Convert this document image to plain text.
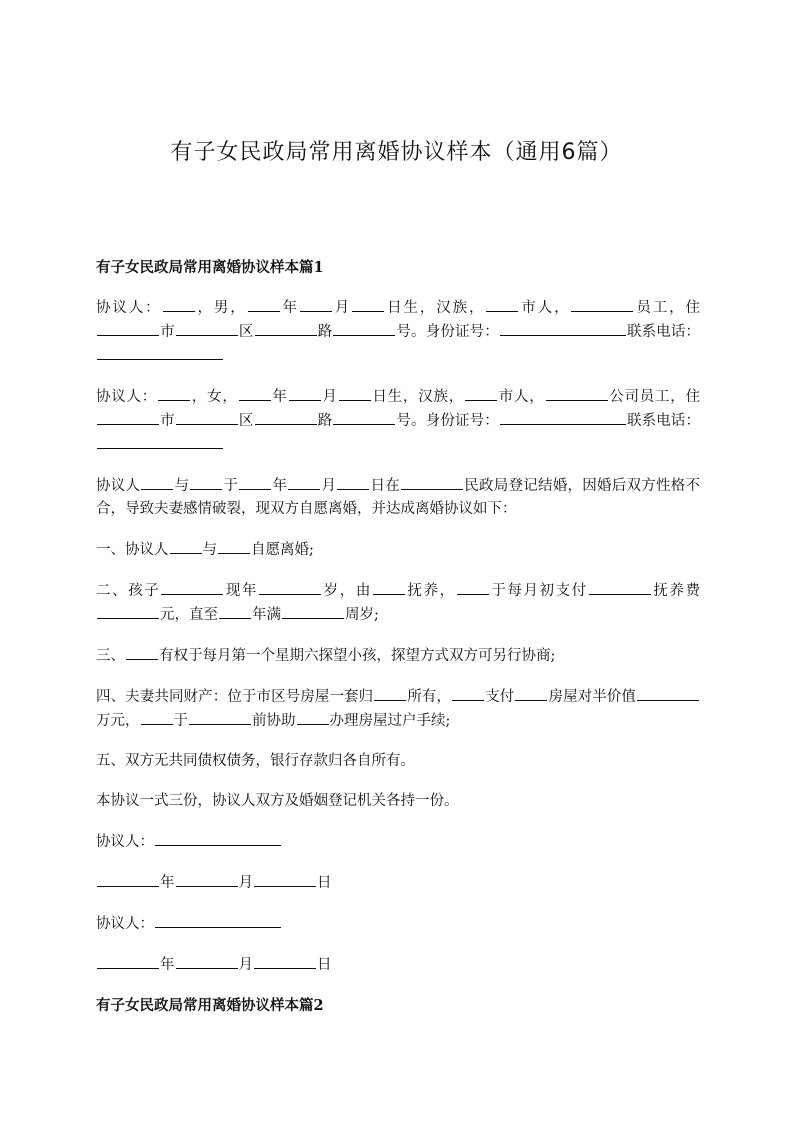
有子女民政局常用离婚协议样本（通用6篇）
有子女民政局常用离婚协议样本篇1
协议人： ，男， 年 月 日生，汉族， 市人，	员工，住市	区	路	号。身份证号：	联系电话：
协议人： ，女， 年 月 日生，汉族， 市人，	公司员工，住市	区	路	号。身份证号：	联系电话：
协议人 与 于 年 月 日在	民政局登记结婚，因婚后双方性格不合，导致夫妻感情破裂，现双方自愿离婚，并达成离婚协议如下：
一、协议人 与 自愿离婚;
二、孩子	现年	岁，由 抚养， 于每月初支付	抚养费元，直至 年满	周岁;
三、 有权于每月第一个星期六探望小孩，探望方式双方可另行协商;
四、夫妻共同财产：位于市区号房屋一套归 所有， 支付 房屋对半价值万元， 于	前协助 办理房屋过户手续;
五、双方无共同债权债务，银行存款归各自所有。
本协议一式三份，协议人双方及婚姻登记机关各持一份。
协议人：
年	月	日
协议人：
年	月	日
有子女民政局常用离婚协议样本篇2
